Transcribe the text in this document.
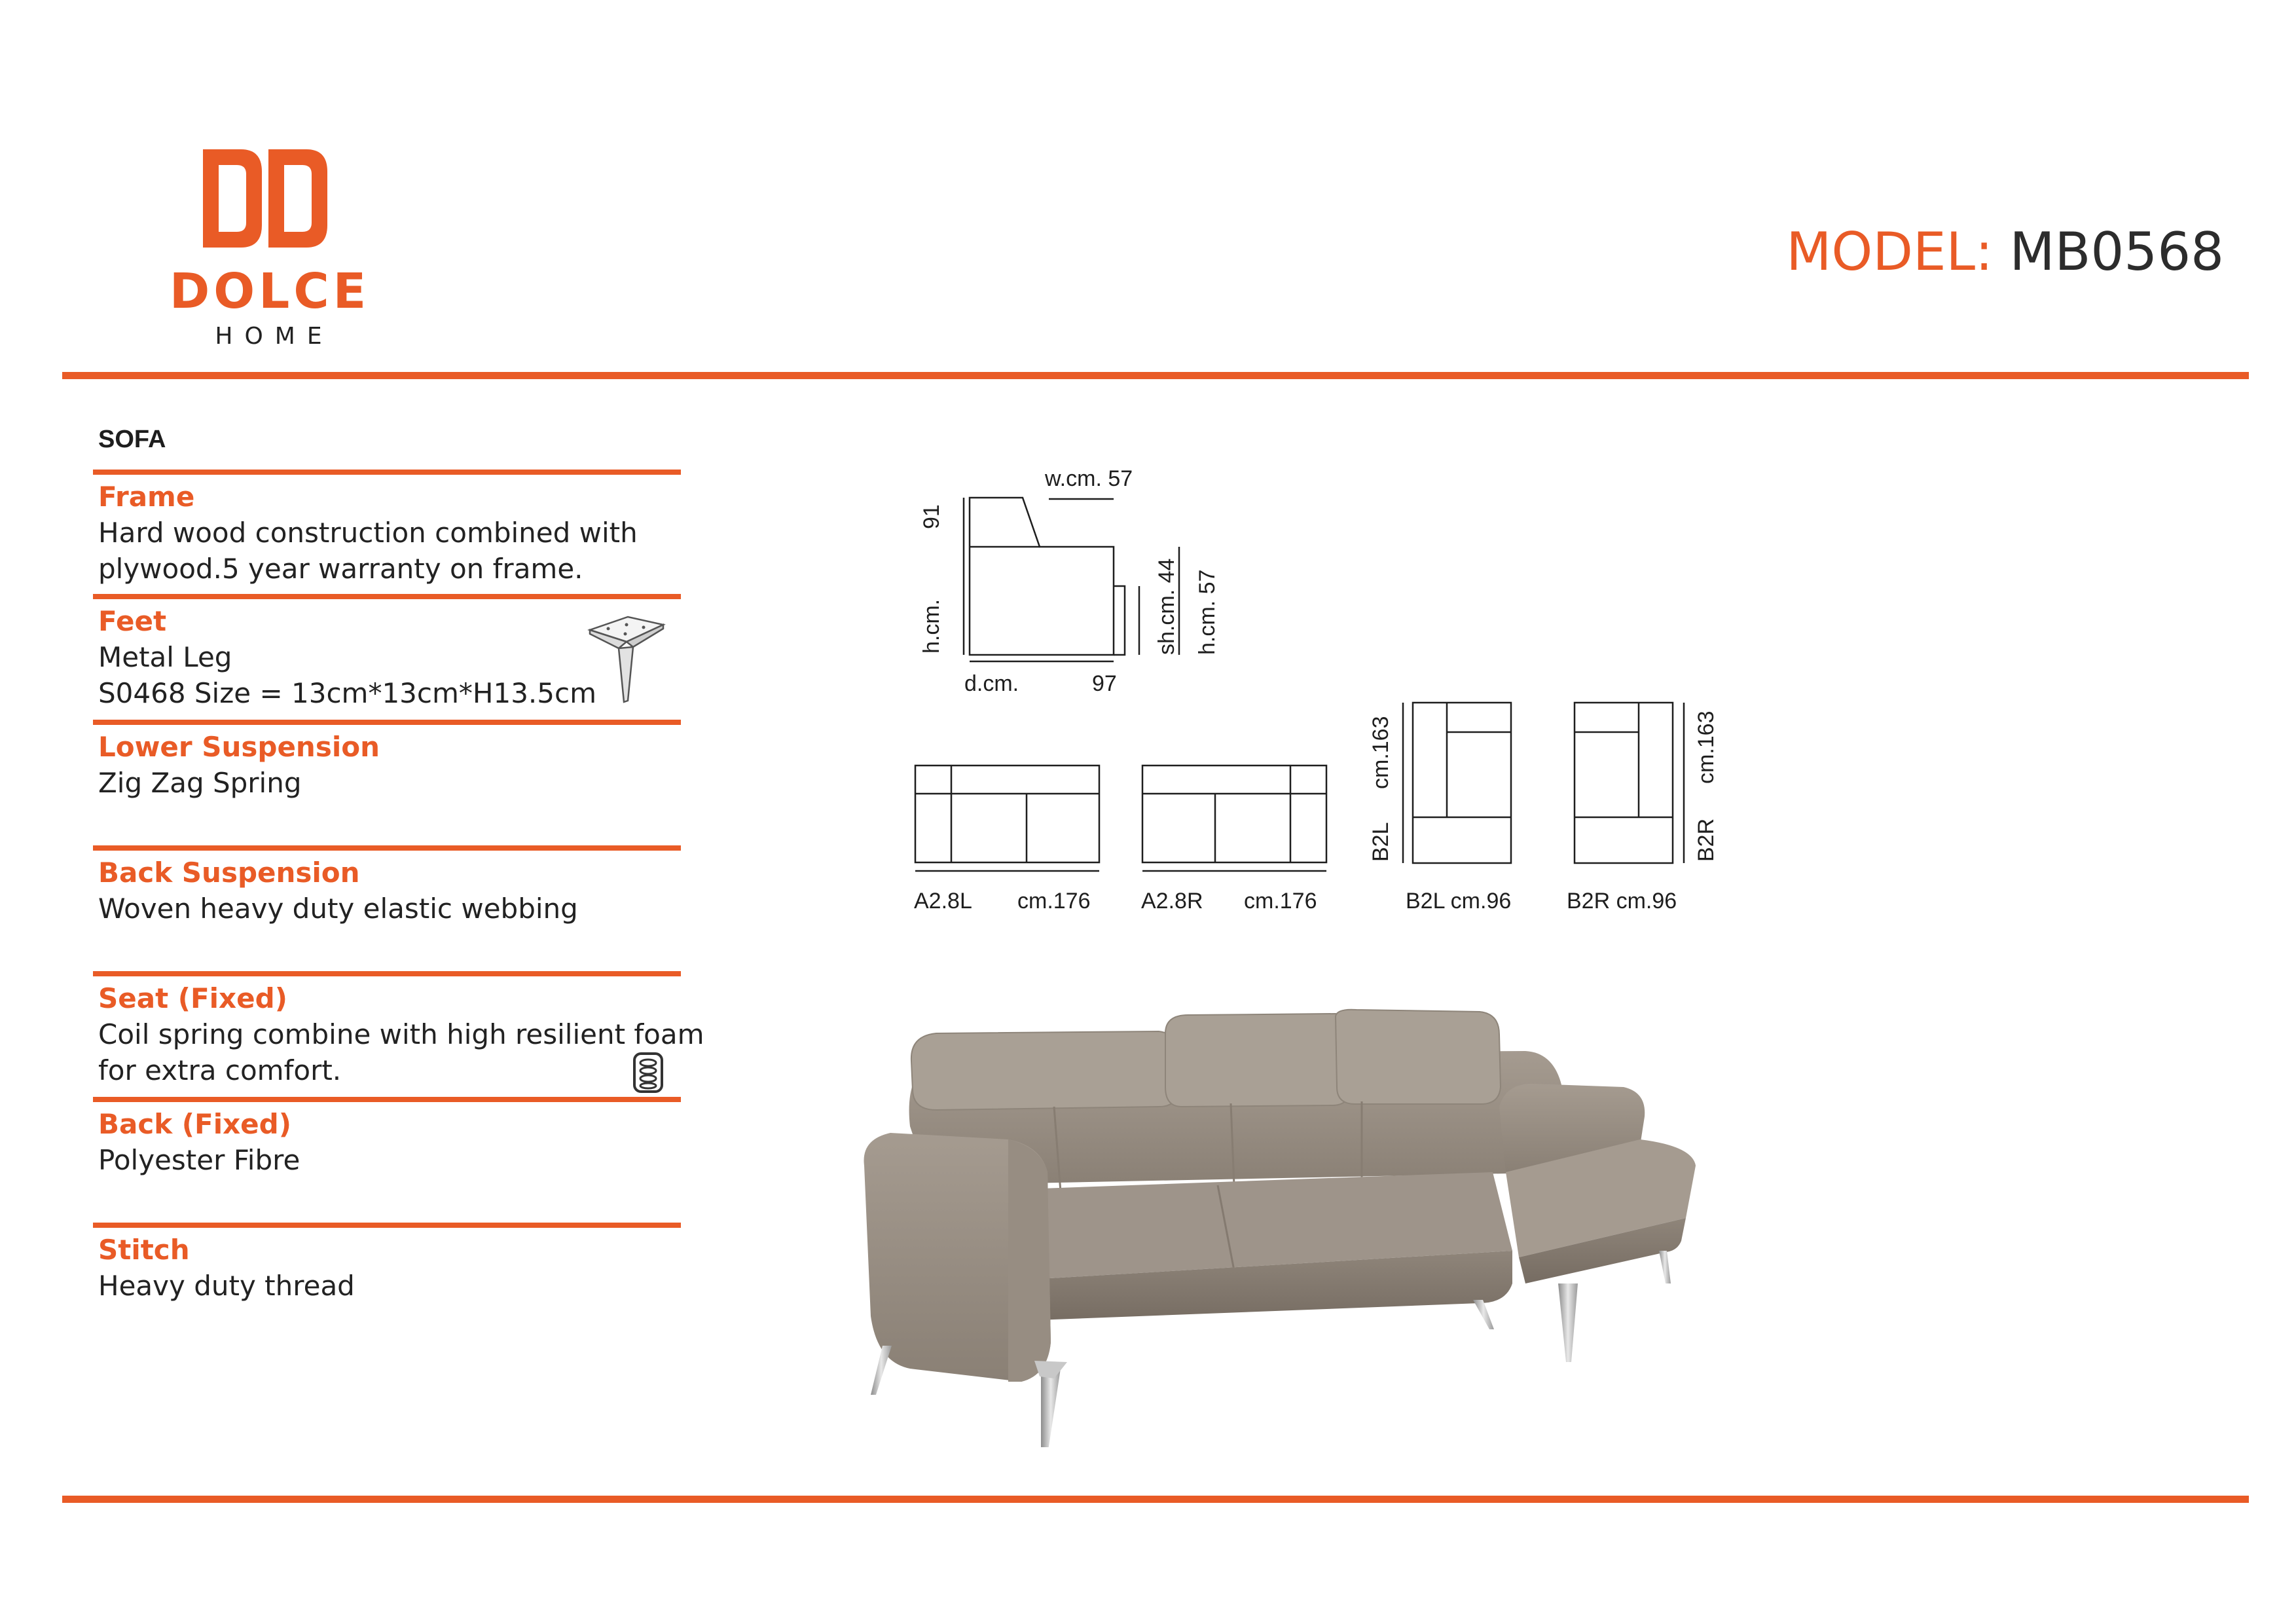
DOLCE
HOME
MODEL: MB0568
SOFA
Frame
Hard wood construction combined with
plywood.5 year warranty on frame.
Feet
Metal Leg
S0468 Size = 13cm*13cm*H13.5cm
Lower Suspension
Zig Zag Spring
Back Suspension
Woven heavy duty elastic webbing
Seat (Fixed)
Coil spring combine with high resilient foam
for extra comfort.
Back (Fixed)
Polyester Fibre
Stitch
Heavy duty thread
w.cm. 57
91
h.cm.	sh.cm. 44 h.cm. 57
d.cm.	97
A2.8L cm.176 A2.8R cm.176
cm.163
B2L
B2L cm.96
cm.163
B2R
B2R cm.96
